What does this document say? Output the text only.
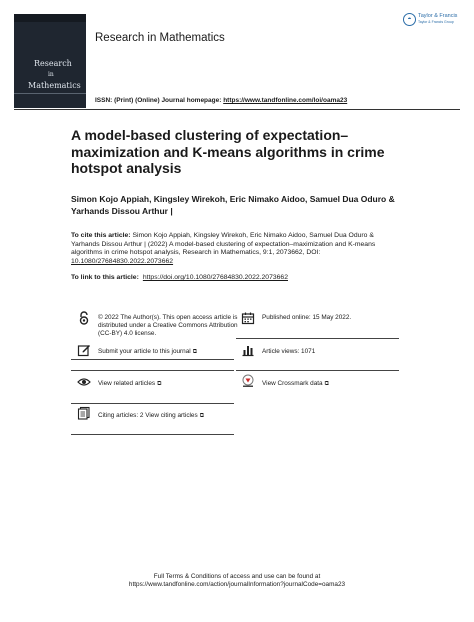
Research
in
Mathematics
Research in Mathematics
◓	Taylor & Francis
Taylor & Francis Group
ISSN: (Print) (Online) Journal homepage: https://www.tandfonline.com/loi/oama23
A model-based clustering of expectation–maximization and K-means algorithms in crime hotspot analysis
Simon Kojo Appiah, Kingsley Wirekoh, Eric Nimako Aidoo, Samuel Dua Oduro & Yarhands Dissou Arthur |
To cite this article: Simon Kojo Appiah, Kingsley Wirekoh, Eric Nimako Aidoo, Samuel Dua Oduro & Yarhands Dissou Arthur | (2022) A model-based clustering of expectation–maximization and K-means algorithms in crime hotspot analysis, Research in Mathematics, 9:1, 2073662, DOI: 10.1080/27684830.2022.2073662
To link to this article: https://doi.org/10.1080/27684830.2022.2073662
© 2022 The Author(s). This open access article is distributed under a Creative Commons Attribution (CC-BY) 4.0 license.
Published online: 15 May 2022.
Submit your article to this journal ⧉	Article views: 1071
View related articles ⧉	View Crossmark data ⧉
Citing articles: 2 View citing articles ⧉
Full Terms & Conditions of access and use can be found at
https://www.tandfonline.com/action/journalInformation?journalCode=oama23
